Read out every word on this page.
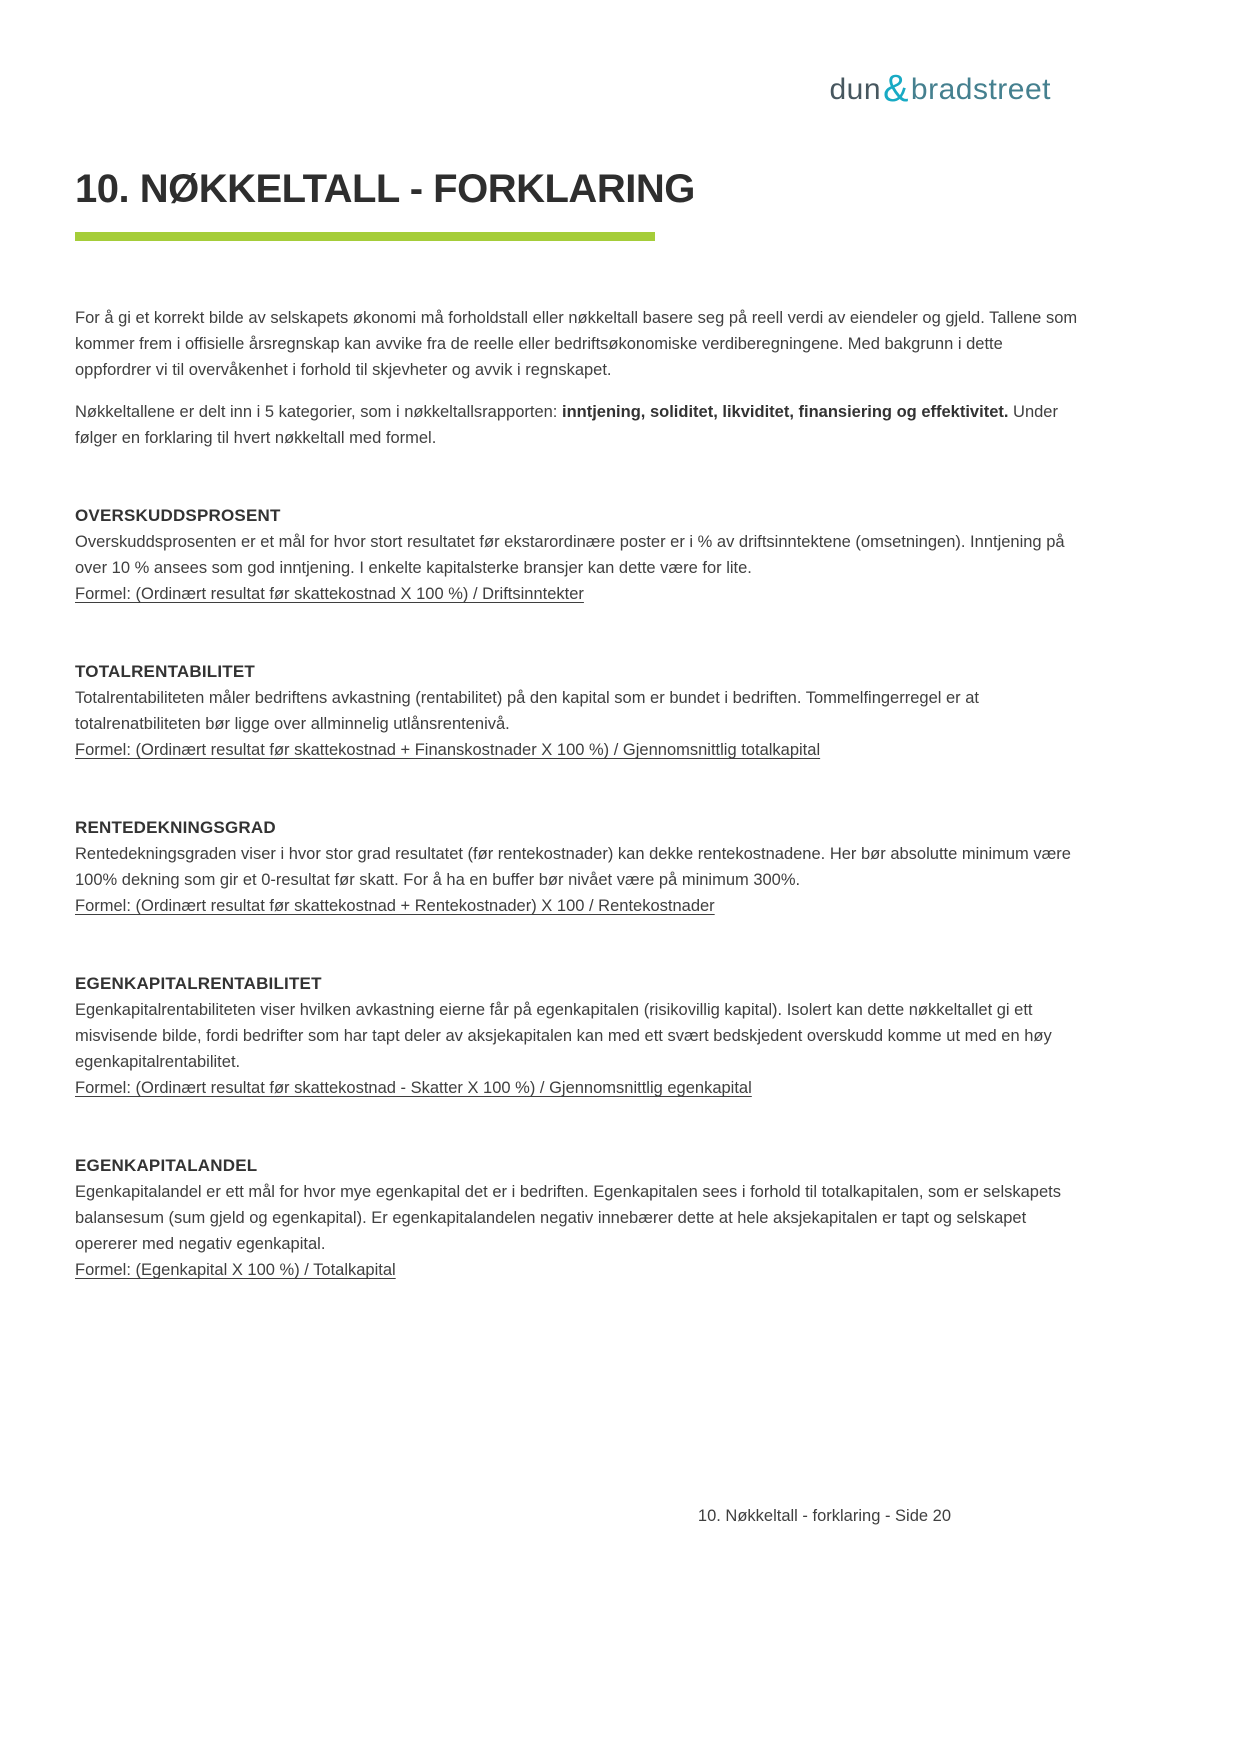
dun&bradstreet
10. NØKKELTALL - FORKLARING

For å gi et korrekt bilde av selskapets økonomi må forholdstall eller nøkkeltall basere seg på reell verdi av eiendeler og gjeld. Tallene som kommer frem i offisielle årsregnskap kan avvike fra de reelle eller bedriftsøkonomiske verdiberegningene. Med bakgrunn i dette oppfordrer vi til overvåkenhet i forhold til skjevheter og avvik i regnskapet.

Nøkkeltallene er delt inn i 5 kategorier, som i nøkkeltallsrapporten: inntjening, soliditet, likviditet, finansiering og effektivitet. Under følger en forklaring til hvert nøkkeltall med formel.

OVERSKUDDSPROSENT

Overskuddsprosenten er et mål for hvor stort resultatet før ekstarordinære poster er i % av driftsinntektene (omsetningen). Inntjening på over 10 % ansees som god inntjening. I enkelte kapitalsterke bransjer kan dette være for lite.

Formel: (Ordinært resultat før skattekostnad X 100 %) / Driftsinntekter

TOTALRENTABILITET

Totalrentabiliteten måler bedriftens avkastning (rentabilitet) på den kapital som er bundet i bedriften. Tommelfingerregel er at totalrenatbiliteten bør ligge over allminnelig utlånsrentenivå.

Formel: (Ordinært resultat før skattekostnad + Finanskostnader X 100 %) / Gjennomsnittlig totalkapital

RENTEDEKNINGSGRAD

Rentedekningsgraden viser i hvor stor grad resultatet (før rentekostnader) kan dekke rentekostnadene. Her bør absolutte minimum være 100% dekning som gir et 0-resultat før skatt. For å ha en buffer bør nivået være på minimum 300%.

Formel: (Ordinært resultat før skattekostnad + Rentekostnader) X 100 / Rentekostnader

EGENKAPITALRENTABILITET

Egenkapitalrentabiliteten viser hvilken avkastning eierne får på egenkapitalen (risikovillig kapital). Isolert kan dette nøkkeltallet gi ett misvisende bilde, fordi bedrifter som har tapt deler av aksjekapitalen kan med ett svært bedskjedent overskudd komme ut med en høy egenkapitalrentabilitet.

Formel: (Ordinært resultat før skattekostnad - Skatter X 100 %) / Gjennomsnittlig egenkapital

EGENKAPITALANDEL

Egenkapitalandel er ett mål for hvor mye egenkapital det er i bedriften. Egenkapitalen sees i forhold til totalkapitalen, som er selskapets balansesum (sum gjeld og egenkapital). Er egenkapitalandelen negativ innebærer dette at hele aksjekapitalen er tapt og selskapet opererer med negativ egenkapital.

Formel: (Egenkapital X 100 %) / Totalkapital

10. Nøkkeltall - forklaring - Side 20
